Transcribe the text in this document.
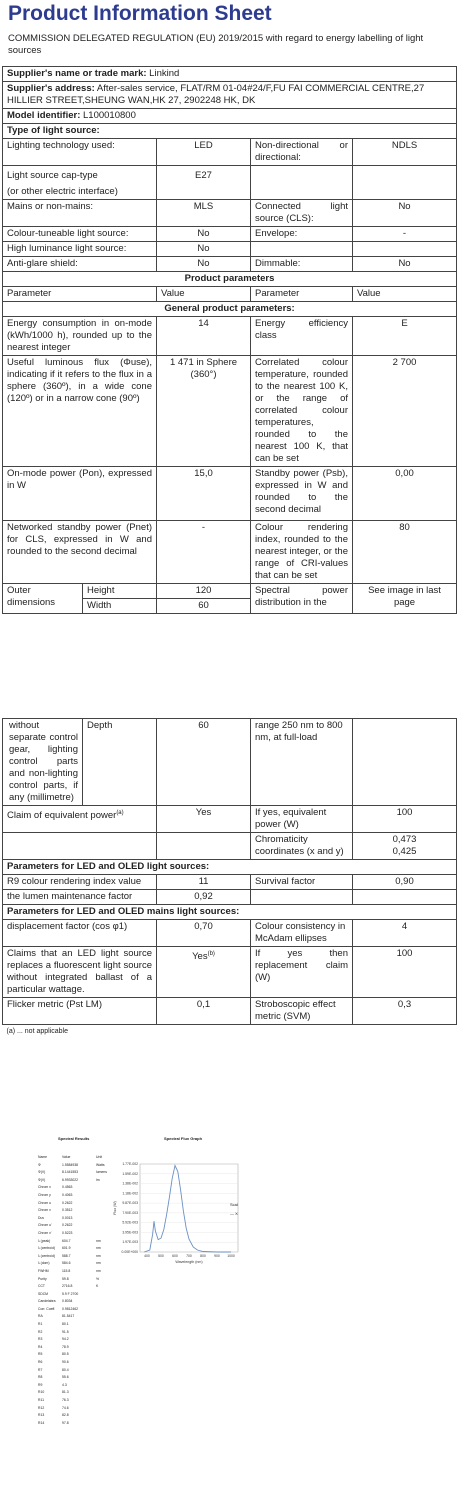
Product Information Sheet
COMMISSION DELEGATED REGULATION (EU) 2019/2015 with regard to energy labelling of light sources
Supplier's name or trade mark: Linkind				
Supplier's address: After-sales service, FLAT/RM 01-04#24/F,FU FAI COMMERCIAL CENTRE,27 HILLIER STREET,SHEUNG WAN,HK 27, 2902248 HK, DK				
Model identifier: L100010800				
Type of light source:				
Lighting technology used:		LED	Non-directional or directional:	NDLS

Light source cap-type
(or other electric interface)		E27		
Mains or non-mains:		MLS	Connected light source (CLS):	No
Colour-tuneable light source:		No	Envelope:	-
High luminance light source:		No		
Anti-glare shield:		No	Dimmable:	No
Product parameters				
Parameter		Value	Parameter	Value
General product parameters:				
Energy consumption in on-mode (kWh/1000 h), rounded up to the nearest integer		14	Energy efficiency class	E
Useful luminous flux (Φuse), indicating if it refers to the flux in a sphere (360º), in a wide cone (120º) or in a narrow cone (90º)		1 471 in Sphere (360°)	Correlated colour temperature, rounded to the nearest 100 K, or the range of correlated colour temperatures, rounded to the nearest 100 K, that can be set	2 700
On-mode power (Pon), expressed in W		15,0	Standby power (Psb), expressed in W and rounded to the second decimal	0,00
Networked standby power (Pnet) for CLS, expressed in W and rounded to the second decimal		-	Colour rendering index, rounded to the nearest integer, or the range of CRI-values that can be set	80
Outer dimensions	Height	120	Spectral power distribution in the	See image in last page
	Width	60		
without separate control gear, lighting control parts and non-lighting control parts, if any (millimetre)	Depth	60	range 250 nm to 800 nm, at full-load	
Claim of equivalent power$^{(a)}$		Yes	If yes, equivalent power (W)	100
			Chromaticity coordinates (x and y)	0,473
0,425

Parameters for LED and OLED light sources:				
R9 colour rendering index value		11	Survival factor	0,90
the lumen maintenance factor		0,92		
Parameters for LED and OLED mains light sources:				
displacement factor (cos φ1)		0,70	Colour consistency in McAdam ellipses	4
Claims that an LED light source replaces a fluorescent light source without integrated ballast of a particular wattage.		Yes$^{(b)}$	If yes then replacement claim (W)	100
Flicker metric (Pst LM)		0,1	Stroboscopic effect metric (SVM)	0,3
(a) ... not applicable				
Spectral Results	Spectral Flux Graph
Name	Value	Unit
Φ	1.5584938	Watts
Φ(V)	8.1441553	lumens
Φ(V)	6.9933022	lm
Chrom x	0.4563
Chrom y	0.4063
Chrom u	0.2622
Chrom v	0.3512
Duv	0.0013
Chrom u'	0.2622
Chrom v'	0.5223
λ (peak)	604.7	nm
λ (centroid)	601.9	nm
λ (centroid)	588.7	nm
λ (dom)	584.6	nm
FWHM	115.8	nm
Purity	59.8	%
CCT	2716.8	K
SDCM	5.9 F 2700
Candelabra	0.8034
Corr. Coeff.	0.9812462
RA	81.5417
R1	80.1
R2	91.5
R3	94.2
R4	78.9
R5	80.5
R6	90.6
R7	80.4
R8	55.6
R9	4.3
R10	81.3
R11	76.3
R12	74.6
R13	82.8
R14	97.8
1.77E-002
1.59E-002
1.38E-002
1.18E-002
9.87E-003
7.90E-003
5.92E-003
3.95E-003
1.97E-003
0.00E+000
400 500 600 700 800 900 1000
Wavelength (nm)
Flux (W)	Scal
— X
